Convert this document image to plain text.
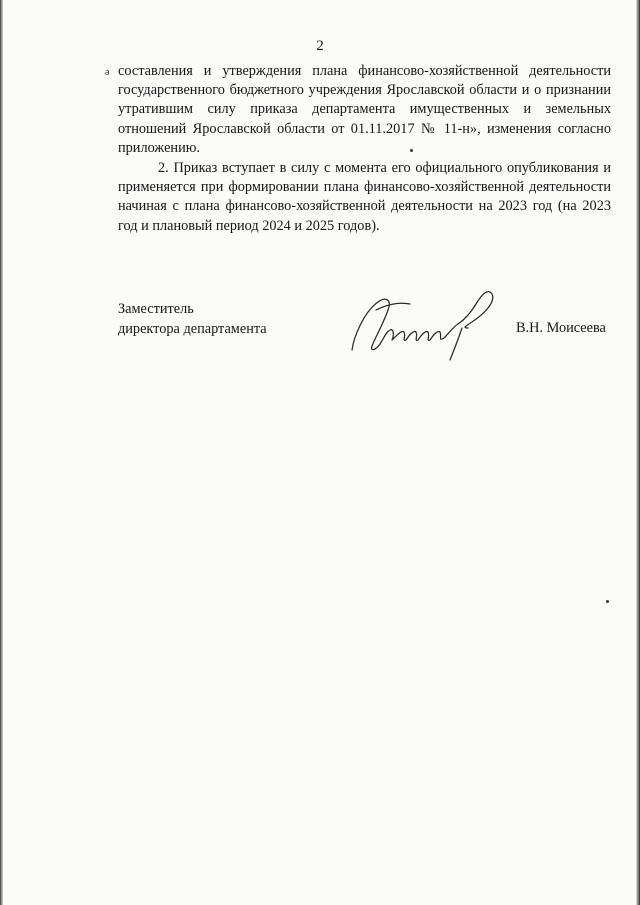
2
ə составления и утверждения плана финансово-хозяйственной деятельности государственного бюджетного учреждения Ярославской области и о признании утратившим силу приказа департамента имущественных и земельных отношений Ярославской области от 01.11.2017 № 11-н», изменения согласно приложению.

2. Приказ вступает в силу с момента его официального опубликования и применяется при формировании плана финансово-хозяйственной деятельности начиная с плана финансово-хозяйственной деятельности на 2023 год (на 2023 год и плановый период 2024 и 2025 годов).

Заместитель
директора департамента	В.Н. Моисеева
